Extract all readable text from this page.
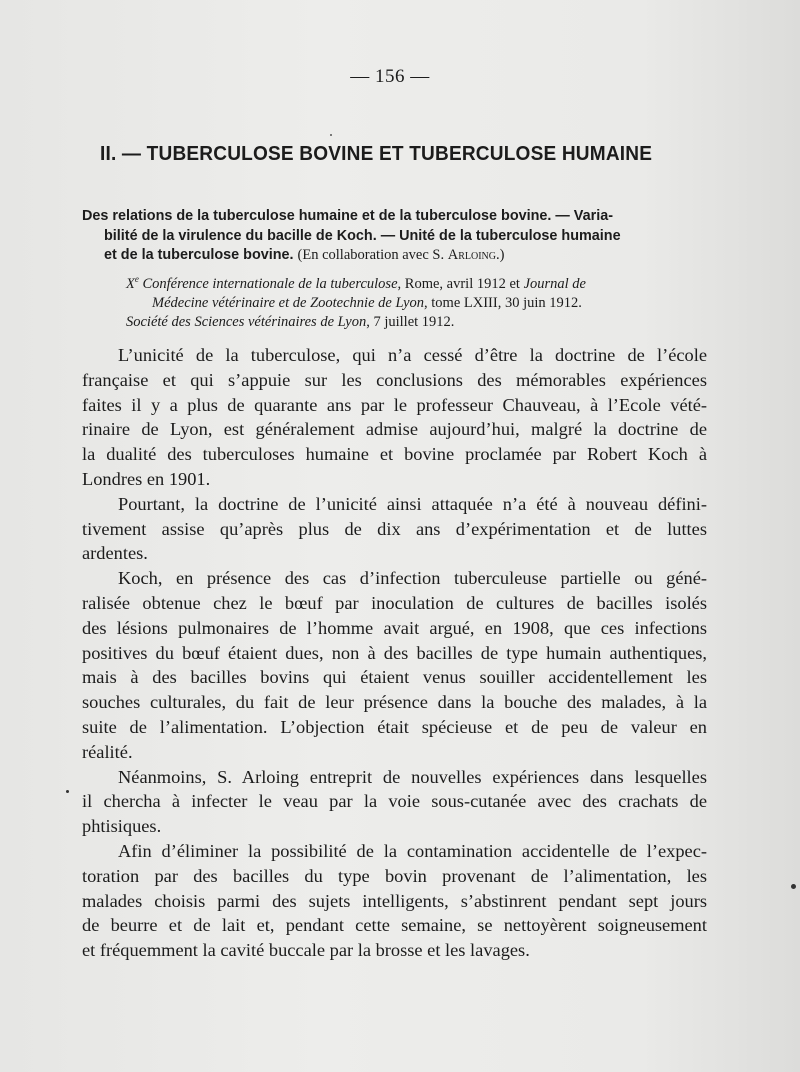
— 156 —
II. — TUBERCULOSE BOVINE ET TUBERCULOSE HUMAINE
Des relations de la tuberculose humaine et de la tuberculose bovine. — Varia-
bilité de la virulence du bacille de Koch. — Unité de la tuberculose humaine
et de la tuberculose bovine. (En collaboration avec S. Arloing.)
Xe Conférence internationale de la tuberculose, Rome, avril 1912 et Journal de
Médecine vétérinaire et de Zootechnie de Lyon, tome LXIII, 30 juin 1912.
Société des Sciences vétérinaires de Lyon, 7 juillet 1912.

L’unicité de la tuberculose, qui n’a cessé d’être la doctrine de l’école
française et qui s’appuie sur les conclusions des mémorables expériences
faites il y a plus de quarante ans par le professeur Chauveau, à l’Ecole vété-
rinaire de Lyon, est généralement admise aujourd’hui, malgré la doctrine de
la dualité des tuberculoses humaine et bovine proclamée par Robert Koch à
Londres en 1901.

Pourtant, la doctrine de l’unicité ainsi attaquée n’a été à nouveau défini-
tivement assise qu’après plus de dix ans d’expérimentation et de luttes
ardentes.

Koch, en présence des cas d’infection tuberculeuse partielle ou géné-
ralisée obtenue chez le bœuf par inoculation de cultures de bacilles isolés
des lésions pulmonaires de l’homme avait argué, en 1908, que ces infections
positives du bœuf étaient dues, non à des bacilles de type humain authentiques,
mais à des bacilles bovins qui étaient venus souiller accidentellement les
souches culturales, du fait de leur présence dans la bouche des malades, à la
suite de l’alimentation. L’objection était spécieuse et de peu de valeur en
réalité.

Néanmoins, S. Arloing entreprit de nouvelles expériences dans lesquelles
il chercha à infecter le veau par la voie sous-cutanée avec des crachats de
phtisiques.

Afin d’éliminer la possibilité de la contamination accidentelle de l’expec-
toration par des bacilles du type bovin provenant de l’alimentation, les
malades choisis parmi des sujets intelligents, s’abstinrent pendant sept jours
de beurre et de lait et, pendant cette semaine, se nettoyèrent soigneusement
et fréquemment la cavité buccale par la brosse et les lavages.
